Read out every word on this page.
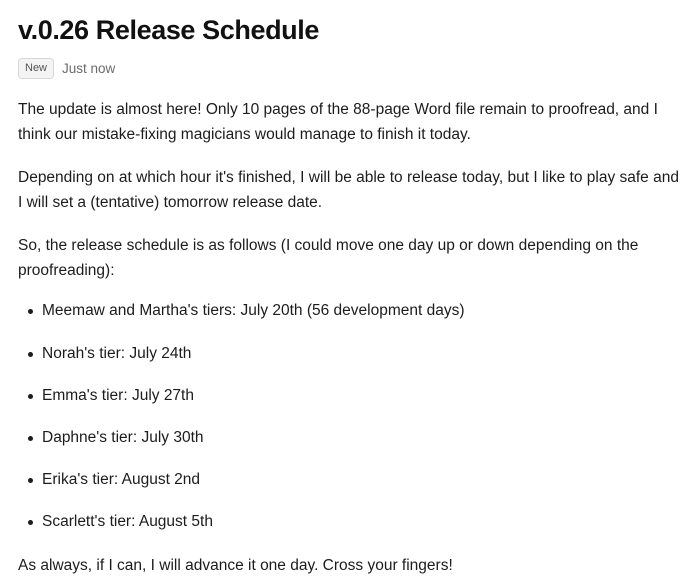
v.0.26 Release Schedule
New	Just now

The update is almost here! Only 10 pages of the 88-page Word file remain to proofread, and I think our mistake-fixing magicians would manage to finish it today.

Depending on at which hour it's finished, I will be able to release today, but I like to play safe and I will set a (tentative) tomorrow release date.

So, the release schedule is as follows (I could move one day up or down depending on the proofreading):

Meemaw and Martha's tiers: July 20th (56 development days)
Norah's tier: July 24th
Emma's tier: July 27th
Daphne's tier: July 30th
Erika's tier: August 2nd
Scarlett's tier: August 5th

As always, if I can, I will advance it one day. Cross your fingers!
